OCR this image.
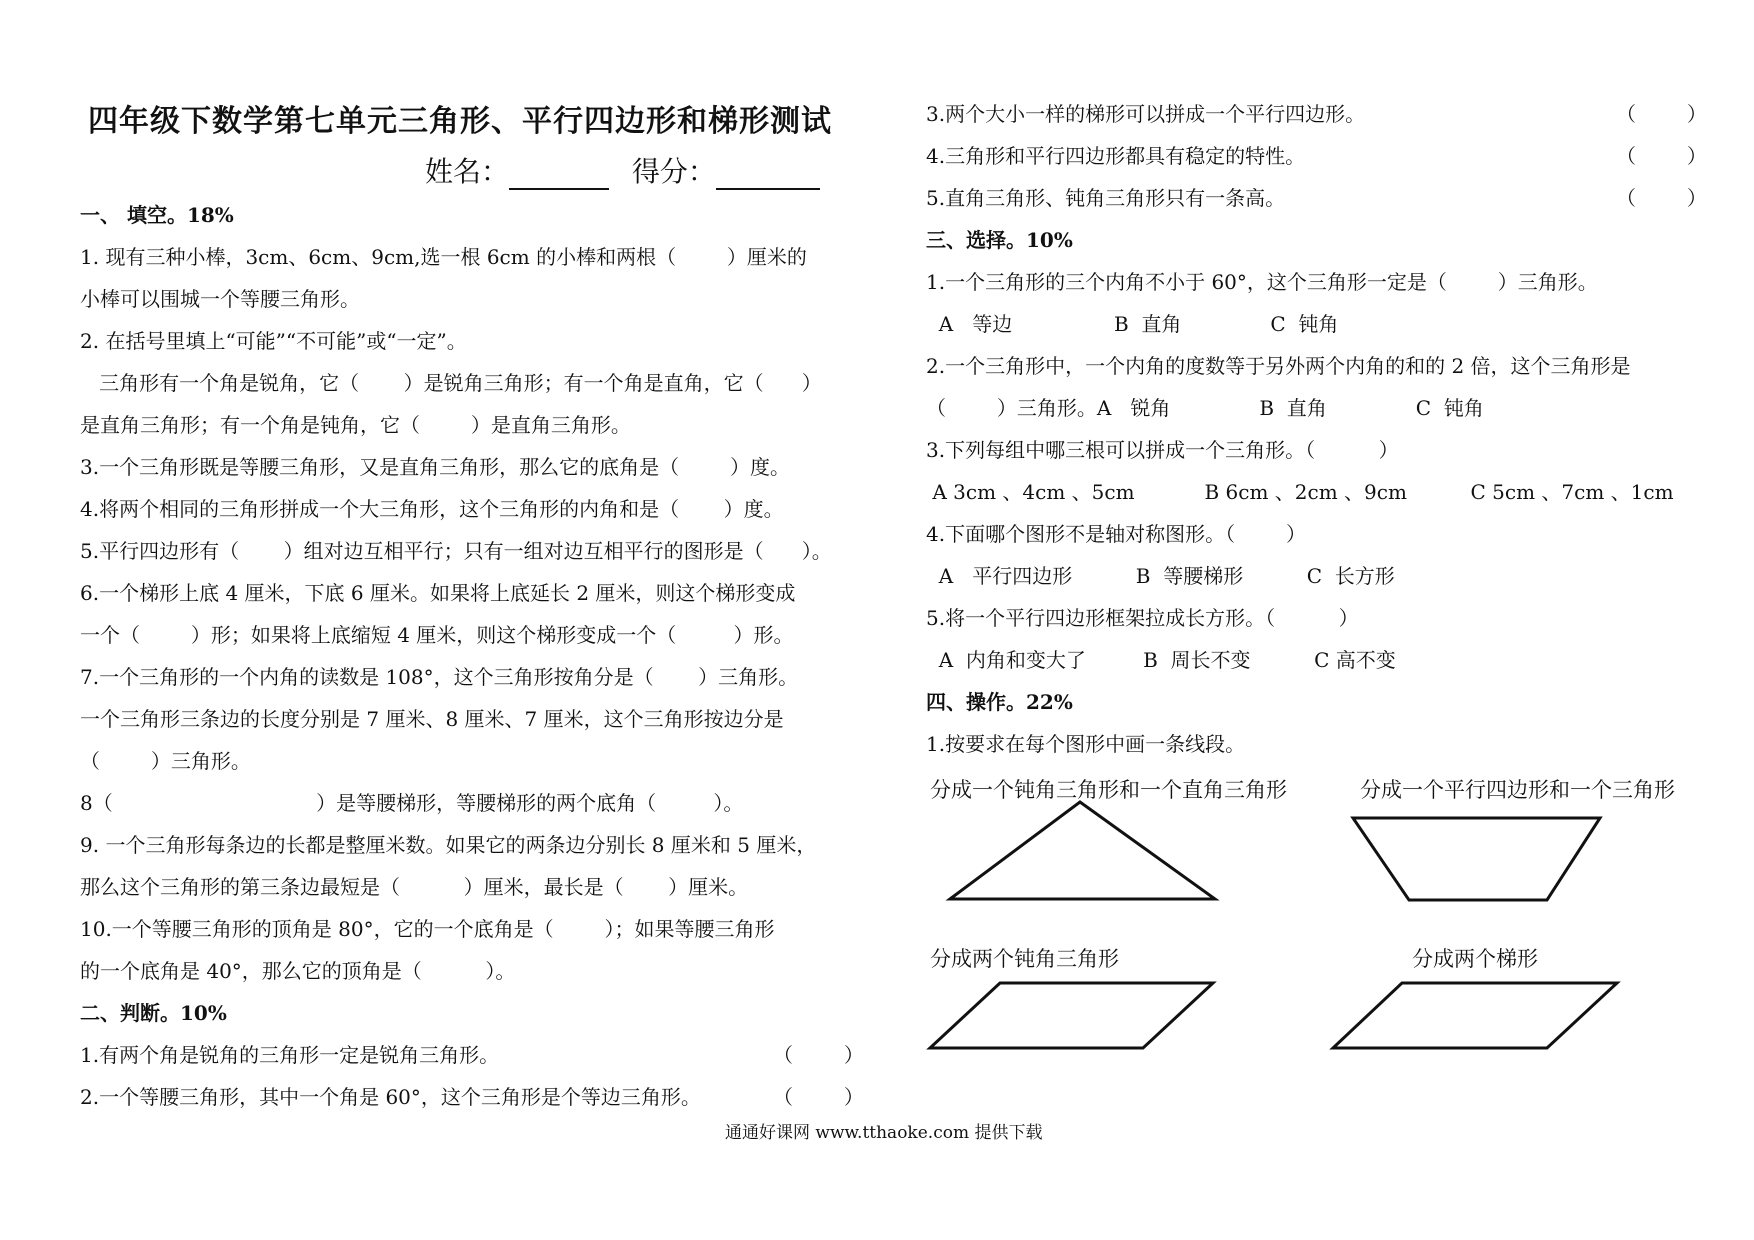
四年级下数学第七单元三角形、平行四边形和梯形测试
姓名：	得分：
一、 填空。18%
1. 现有三种小棒，3cm、6cm、9cm,选一根 6cm 的小棒和两根（        ）厘米的
小棒可以围城一个等腰三角形。
2. 在括号里填上“可能”“不可能”或“一定”。
三角形有一个角是锐角，它（       ）是锐角三角形；有一个角是直角，它（      ）
是直角三角形；有一个角是钝角，它（        ）是直角三角形。
3.一个三角形既是等腰三角形，又是直角三角形，那么它的底角是（        ）度。
4.将两个相同的三角形拼成一个大三角形，这个三角形的内角和是（       ）度。
5.平行四边形有（       ）组对边互相平行；只有一组对边互相平行的图形是（      ）。
6.一个梯形上底 4 厘米，下底 6 厘米。如果将上底延长 2 厘米，则这个梯形变成
一个（        ）形；如果将上底缩短 4 厘米，则这个梯形变成一个（         ）形。
7.一个三角形的一个内角的读数是 108°，这个三角形按角分是（       ）三角形。
一个三角形三条边的长度分别是 7 厘米、8 厘米、7 厘米，这个三角形按边分是
（        ）三角形。
8（                                ）是等腰梯形，等腰梯形的两个底角（         ）。
9. 一个三角形每条边的长都是整厘米数。如果它的两条边分别长 8 厘米和 5 厘米，
那么这个三角形的第三条边最短是（          ）厘米，最长是（       ）厘米。
10.一个等腰三角形的顶角是 80°，它的一个底角是（        ）；如果等腰三角形
的一个底角是 40°，那么它的顶角是（          ）。
二、判断。10%
1.有两个角是锐角的三角形一定是锐角三角形。	（        ）
2.一个等腰三角形，其中一个角是 60°，这个三角形是个等边三角形。	（        ）
3.两个大小一样的梯形可以拼成一个平行四边形。	（        ）
4.三角形和平行四边形都具有稳定的特性。	（        ）
5.直角三角形、钝角三角形只有一条高。	（        ）
三、选择。10%
1.一个三角形的三个内角不小于 60°，这个三角形一定是（        ）三角形。
A   等边                B  直角              C  钝角
2.一个三角形中，一个内角的度数等于另外两个内角的和的 2 倍，这个三角形是
（        ）三角形。A   锐角              B  直角              C  钝角
3.下列每组中哪三根可以拼成一个三角形。（          ）
A 3cm 、4cm 、5cm           B 6cm 、2cm 、9cm          C 5cm 、7cm 、1cm
4.下面哪个图形不是轴对称图形。（        ）
A   平行四边形          B  等腰梯形          C  长方形
5.将一个平行四边形框架拉成长方形。（          ）
A  内角和变大了         B  周长不变          C 高不变
四、操作。22%
1.按要求在每个图形中画一条线段。
分成一个钝角三角形和一个直角三角形	分成一个平行四边形和一个三角形
分成两个钝角三角形	分成两个梯形
通通好课网 www.tthaoke.com 提供下载
